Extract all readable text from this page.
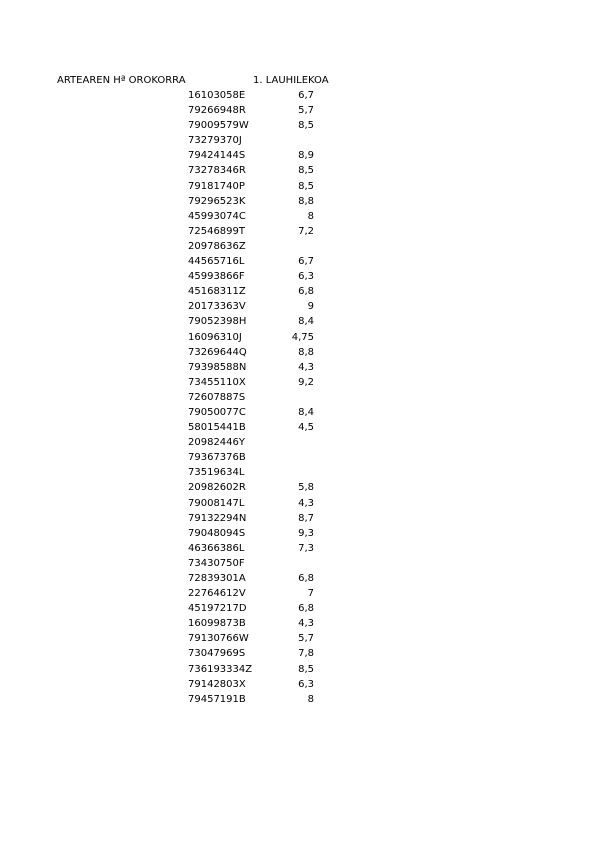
ARTEAREN Hª OROKORRA	1. LAUHILEKOA
16103058E	6,7
79266948R	5,7
79009579W	8,5
73279370J
79424144S	8,9
73278346R	8,5
79181740P	8,5
79296523K	8,8
45993074C	8
72546899T	7,2
20978636Z
44565716L	6,7
45993866F	6,3
45168311Z	6,8
20173363V	9
79052398H	8,4
16096310J	4,75
73269644Q	8,8
79398588N	4,3
73455110X	9,2
72607887S
79050077C	8,4
58015441B	4,5
20982446Y
79367376B
73519634L
20982602R	5,8
79008147L	4,3
79132294N	8,7
79048094S	9,3
46366386L	7,3
73430750F
72839301A	6,8
22764612V	7
45197217D	6,8
16099873B	4,3
79130766W	5,7
73047969S	7,8
736193334Z	8,5
79142803X	6,3
79457191B	8
